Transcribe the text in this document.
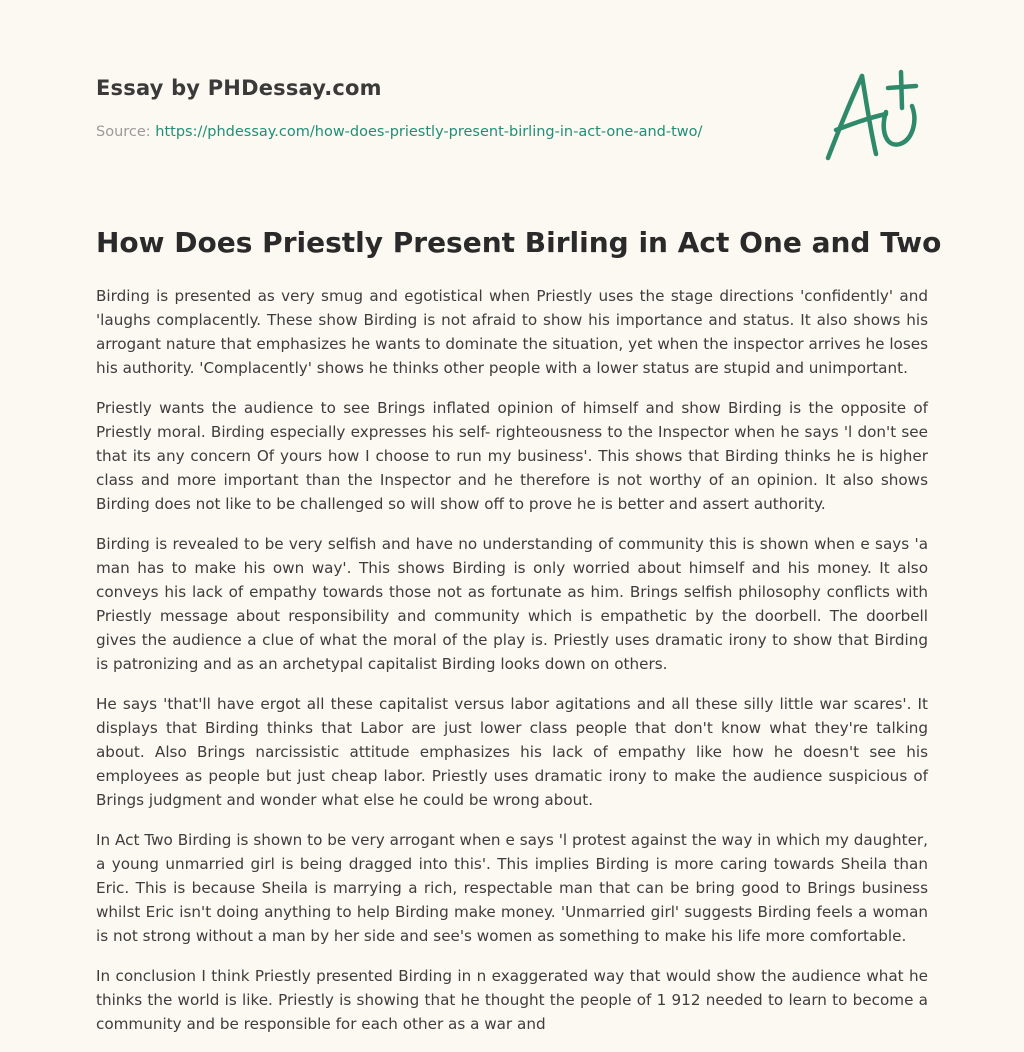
Essay by PHDessay.com
Source: https://phdessay.com/how-does-priestly-present-birling-in-act-one-and-two/
How Does Priestly Present Birling in Act One and Two

Birding is presented as very smug and egotistical when Priestly uses the stage directions 'confidently' and 'laughs complacently. These show Birding is not afraid to show his importance and status. It also shows his arrogant nature that emphasizes he wants to dominate the situation, yet when the inspector arrives he loses his authority. 'Complacently' shows he thinks other people with a lower status are stupid and unimportant.

Priestly wants the audience to see Brings inflated opinion of himself and show Birding is the opposite of Priestly moral. Birding especially expresses his self- righteousness to the Inspector when he says 'l don't see that its any concern Of yours how I choose to run my business'. This shows that Birding thinks he is higher class and more important than the Inspector and he therefore is not worthy of an opinion. It also shows Birding does not like to be challenged so will show off to prove he is better and assert authority.

Birding is revealed to be very selfish and have no understanding of community this is shown when e says 'a man has to make his own way'. This shows Birding is only worried about himself and his money. It also conveys his lack of empathy towards those not as fortunate as him. Brings selfish philosophy conflicts with Priestly message about responsibility and community which is empathetic by the doorbell. The doorbell gives the audience a clue of what the moral of the play is. Priestly uses dramatic irony to show that Birding is patronizing and as an archetypal capitalist Birding looks down on others.

He says 'that'll have ergot all these capitalist versus labor agitations and all these silly little war scares'. It displays that Birding thinks that Labor are just lower class people that don't know what they're talking about. Also Brings narcissistic attitude emphasizes his lack of empathy like how he doesn't see his employees as people but just cheap labor. Priestly uses dramatic irony to make the audience suspicious of Brings judgment and wonder what else he could be wrong about.

In Act Two Birding is shown to be very arrogant when e says 'l protest against the way in which my daughter, a young unmarried girl is being dragged into this'. This implies Birding is more caring towards Sheila than Eric. This is because Sheila is marrying a rich, respectable man that can be bring good to Brings business whilst Eric isn't doing anything to help Birding make money. 'Unmarried girl' suggests Birding feels a woman is not strong without a man by her side and see's women as something to make his life more comfortable.

In conclusion I think Priestly presented Birding in n exaggerated way that would show the audience what he thinks the world is like. Priestly is showing that he thought the people of 1 912 needed to learn to become a community and be responsible for each other as a war and
